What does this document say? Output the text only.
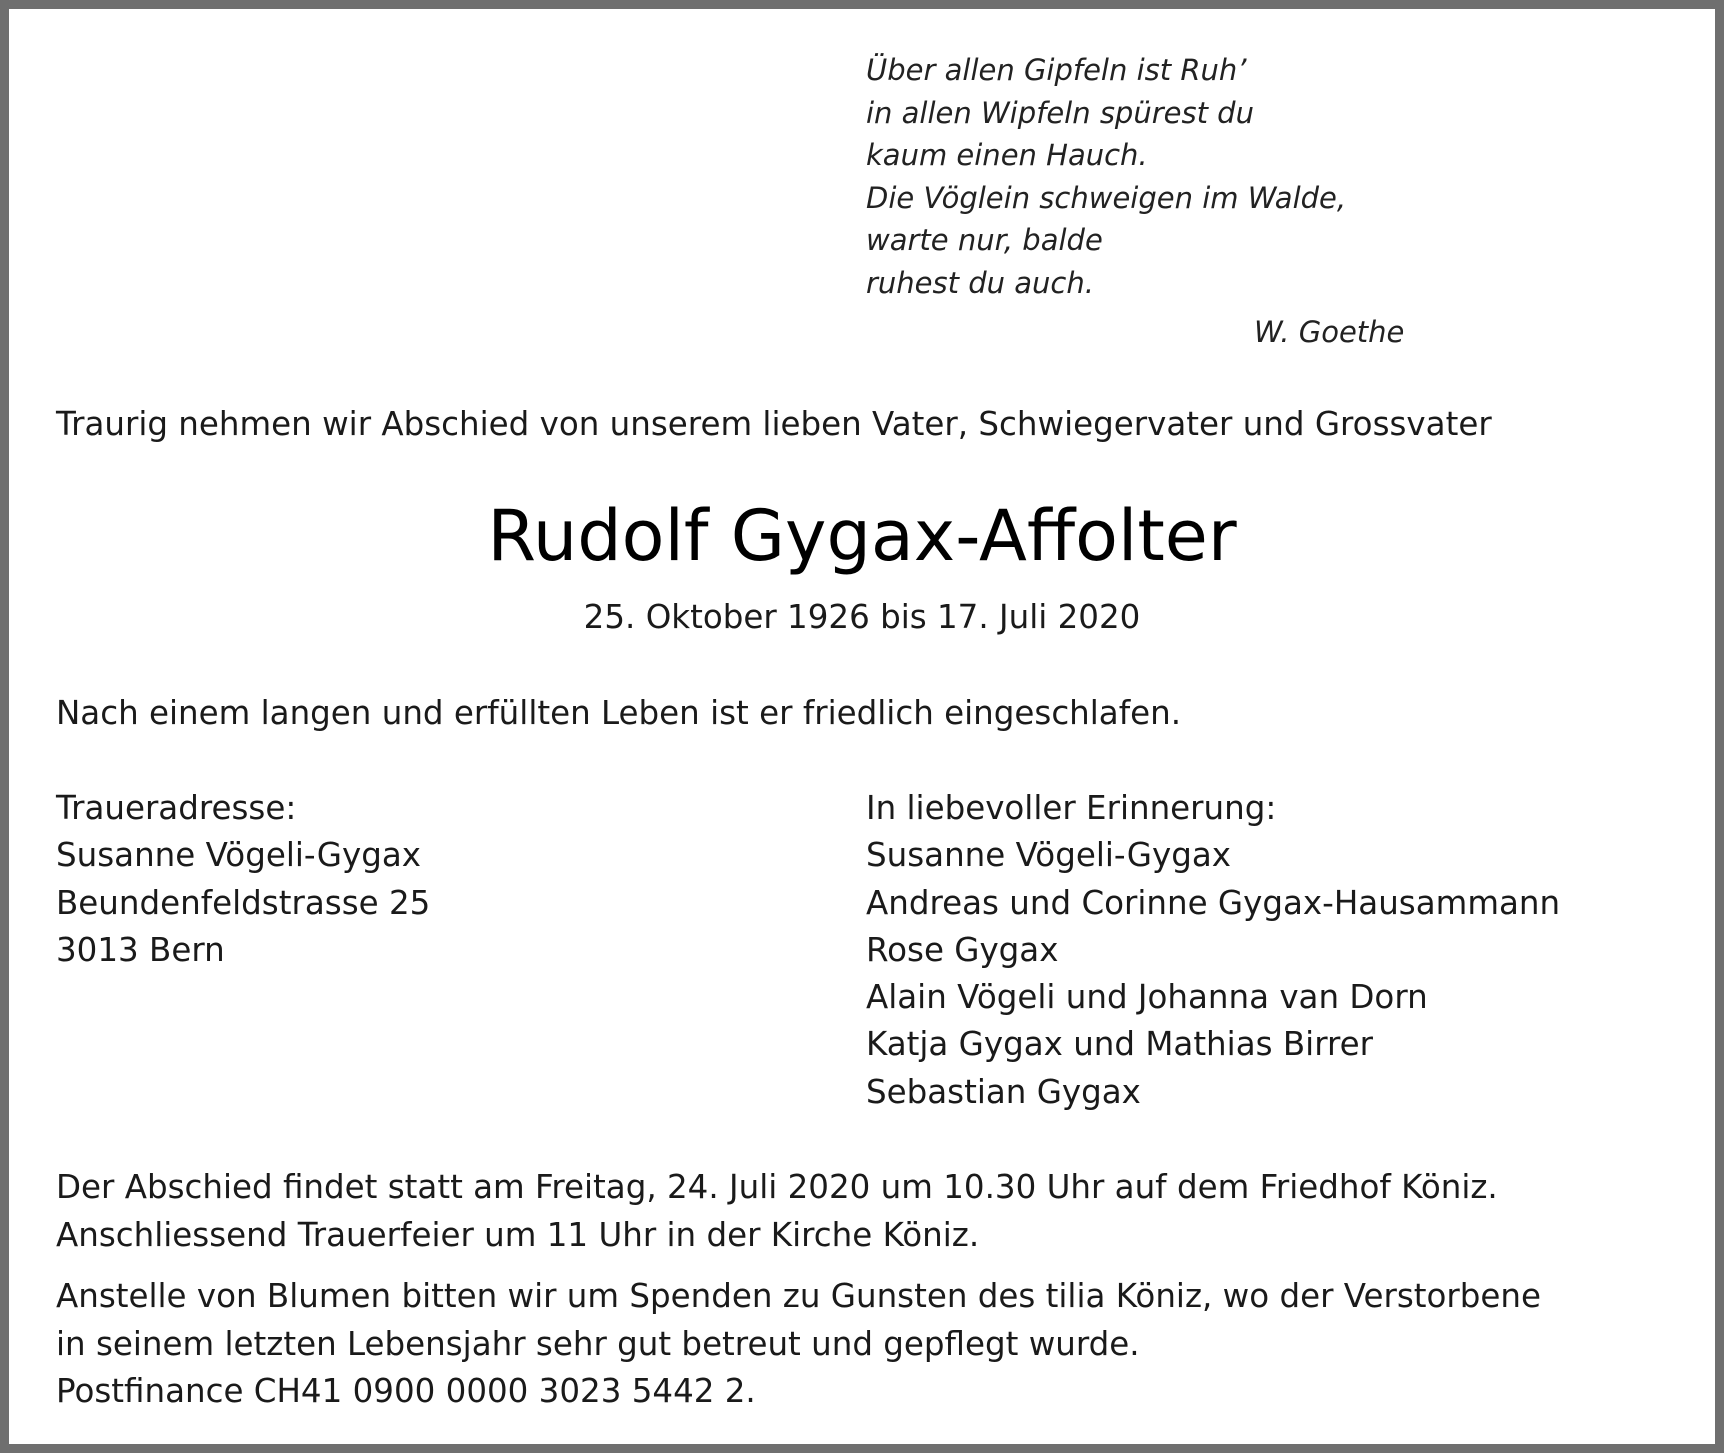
Über allen Gipfeln ist Ruh’
in allen Wipfeln spürest du
kaum einen Hauch.
Die Vöglein schweigen im Walde,
warte nur, balde
ruhest du auch.
W. Goethe
Traurig nehmen wir Abschied von unserem lieben Vater, Schwiegervater und Grossvater
Rudolf Gygax-Affolter
25. Oktober 1926 bis 17. Juli 2020
Nach einem langen und erfüllten Leben ist er friedlich eingeschlafen.
Traueradresse:
Susanne Vögeli-Gygax
Beundenfeldstrasse 25
3013 Bern
In liebevoller Erinnerung:
Susanne Vögeli-Gygax
Andreas und Corinne Gygax-Hausammann
Rose Gygax
Alain Vögeli und Johanna van Dorn
Katja Gygax und Mathias Birrer
Sebastian Gygax
Der Abschied findet statt am Freitag, 24. Juli 2020 um 10.30 Uhr auf dem Friedhof Köniz.
Anschliessend Trauerfeier um 11 Uhr in der Kirche Köniz.
Anstelle von Blumen bitten wir um Spenden zu Gunsten des tilia Köniz, wo der Verstorbene
in seinem letzten Lebensjahr sehr gut betreut und gepflegt wurde.
Postfinance CH41 0900 0000 3023 5442 2.
